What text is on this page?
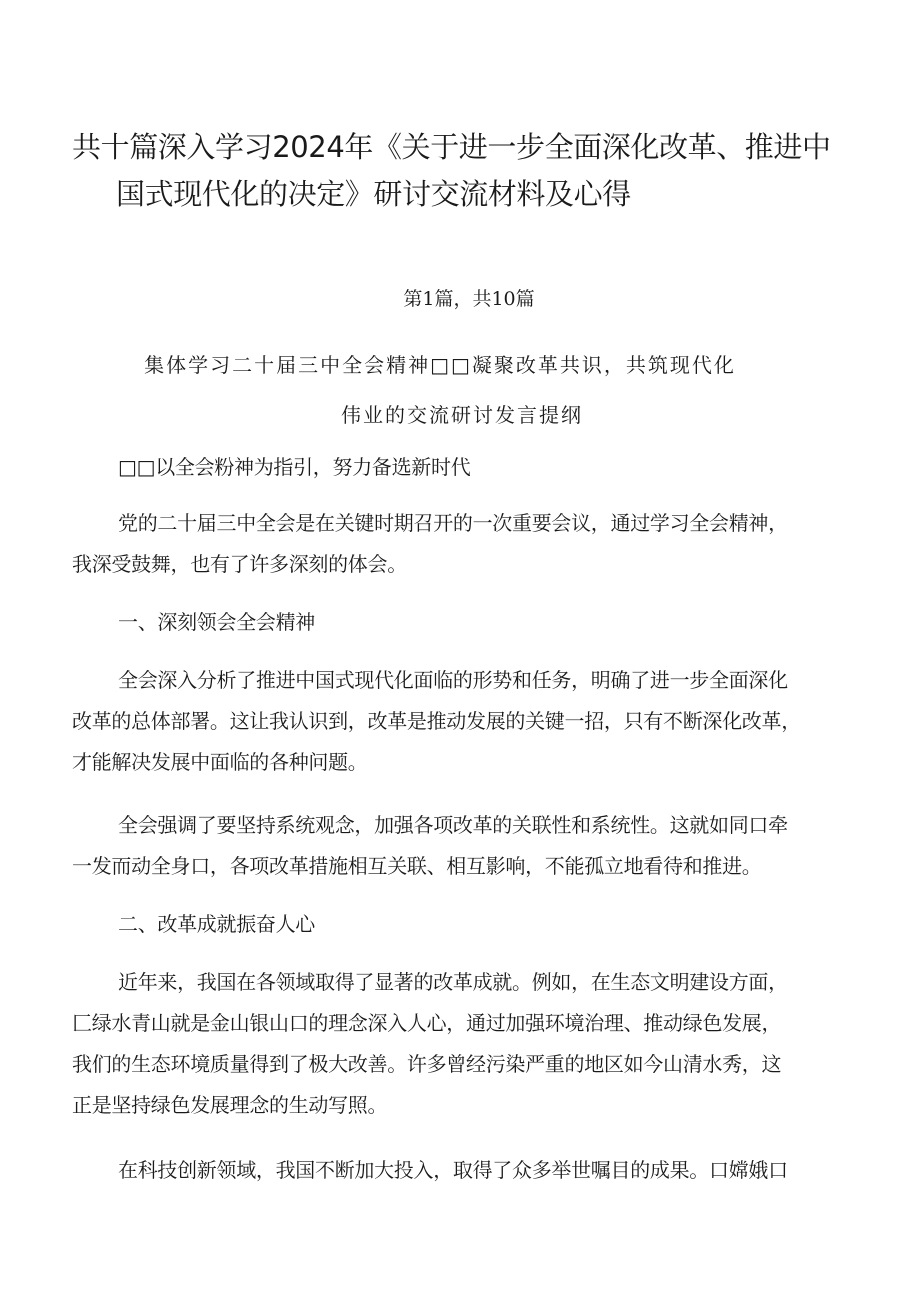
共十篇深入学习2024年《关于进一步全面深化改革、推进中
国式现代化的决定》研讨交流材料及心得
第1篇，共10篇
集体学习二十届三中全会精神□□凝聚改革共识，共筑现代化
伟业的交流研讨发言提纲
□□以全会粉神为指引，努力备选新时代
党的二十届三中全会是在关键时期召开的一次重要会议，通过学习全会精神，
我深受鼓舞，也有了许多深刻的体会。
一、深刻领会全会精神
全会深入分析了推进中国式现代化面临的形势和任务，明确了进一步全面深化
改革的总体部署。这让我认识到，改革是推动发展的关键一招，只有不断深化改革，
才能解决发展中面临的各种问题。
全会强调了要坚持系统观念，加强各项改革的关联性和系统性。这就如同口牵
一发而动全身口，各项改革措施相互关联、相互影响，不能孤立地看待和推进。
二、改革成就振奋人心
近年来，我国在各领域取得了显著的改革成就。例如，在生态文明建设方面，
匚绿水青山就是金山银山口的理念深入人心，通过加强环境治理、推动绿色发展，
我们的生态环境质量得到了极大改善。许多曾经污染严重的地区如今山清水秀，这
正是坚持绿色发展理念的生动写照。
在科技创新领域，我国不断加大投入，取得了众多举世嘱目的成果。口嫦娥口
